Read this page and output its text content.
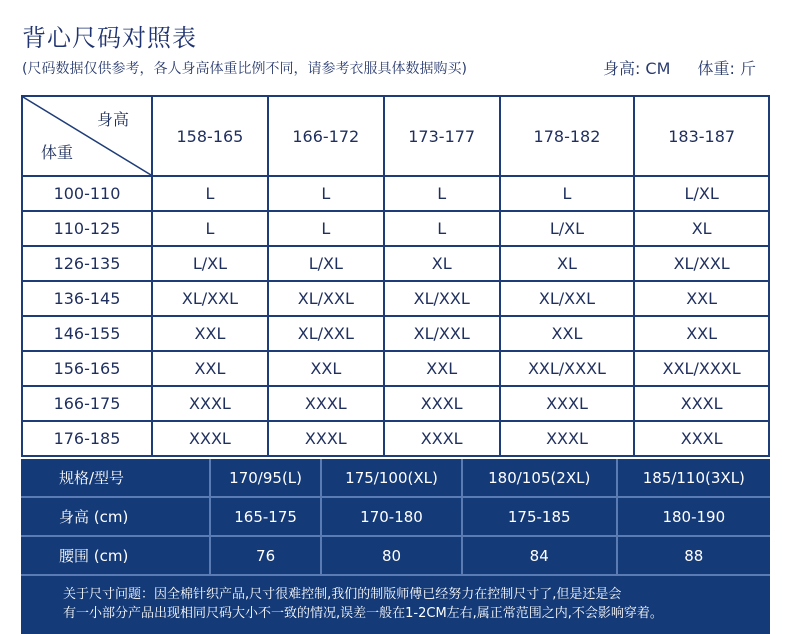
背心尺码对照表
(尺码数据仅供参考，各人身高体重比例不同，请参考衣服具体数据购买)	身高: CM 体重: 斤
身高
体重	158-165	166-172	173-177	178-182	183-187
100-110	L	L	L	L	L/XL
110-125	L	L	L	L/XL	XL
126-135	L/XL	L/XL	XL	XL	XL/XXL
136-145	XL/XXL	XL/XXL	XL/XXL	XL/XXL	XXL
146-155	XXL	XL/XXL	XL/XXL	XXL	XXL
156-165	XXL	XXL	XXL	XXL/XXXL	XXL/XXXL
166-175	XXXL	XXXL	XXXL	XXXL	XXXL
176-185	XXXL	XXXL	XXXL	XXXL	XXXL
规格/型号	170/95(L)	175/100(XL)	180/105(2XL)	185/110(3XL)
身高 (cm)	165-175	170-180	175-185	180-190
腰围 (cm)	76	80	84	88
关于尺寸问题：因全棉针织产品,尺寸很难控制,我们的制版师傅已经努力在控制尺寸了,但是还是会
有一小部分产品出现相同尺码大小不一致的情况,误差一般在1-2CM左右,属正常范围之内,不会影响穿着。
